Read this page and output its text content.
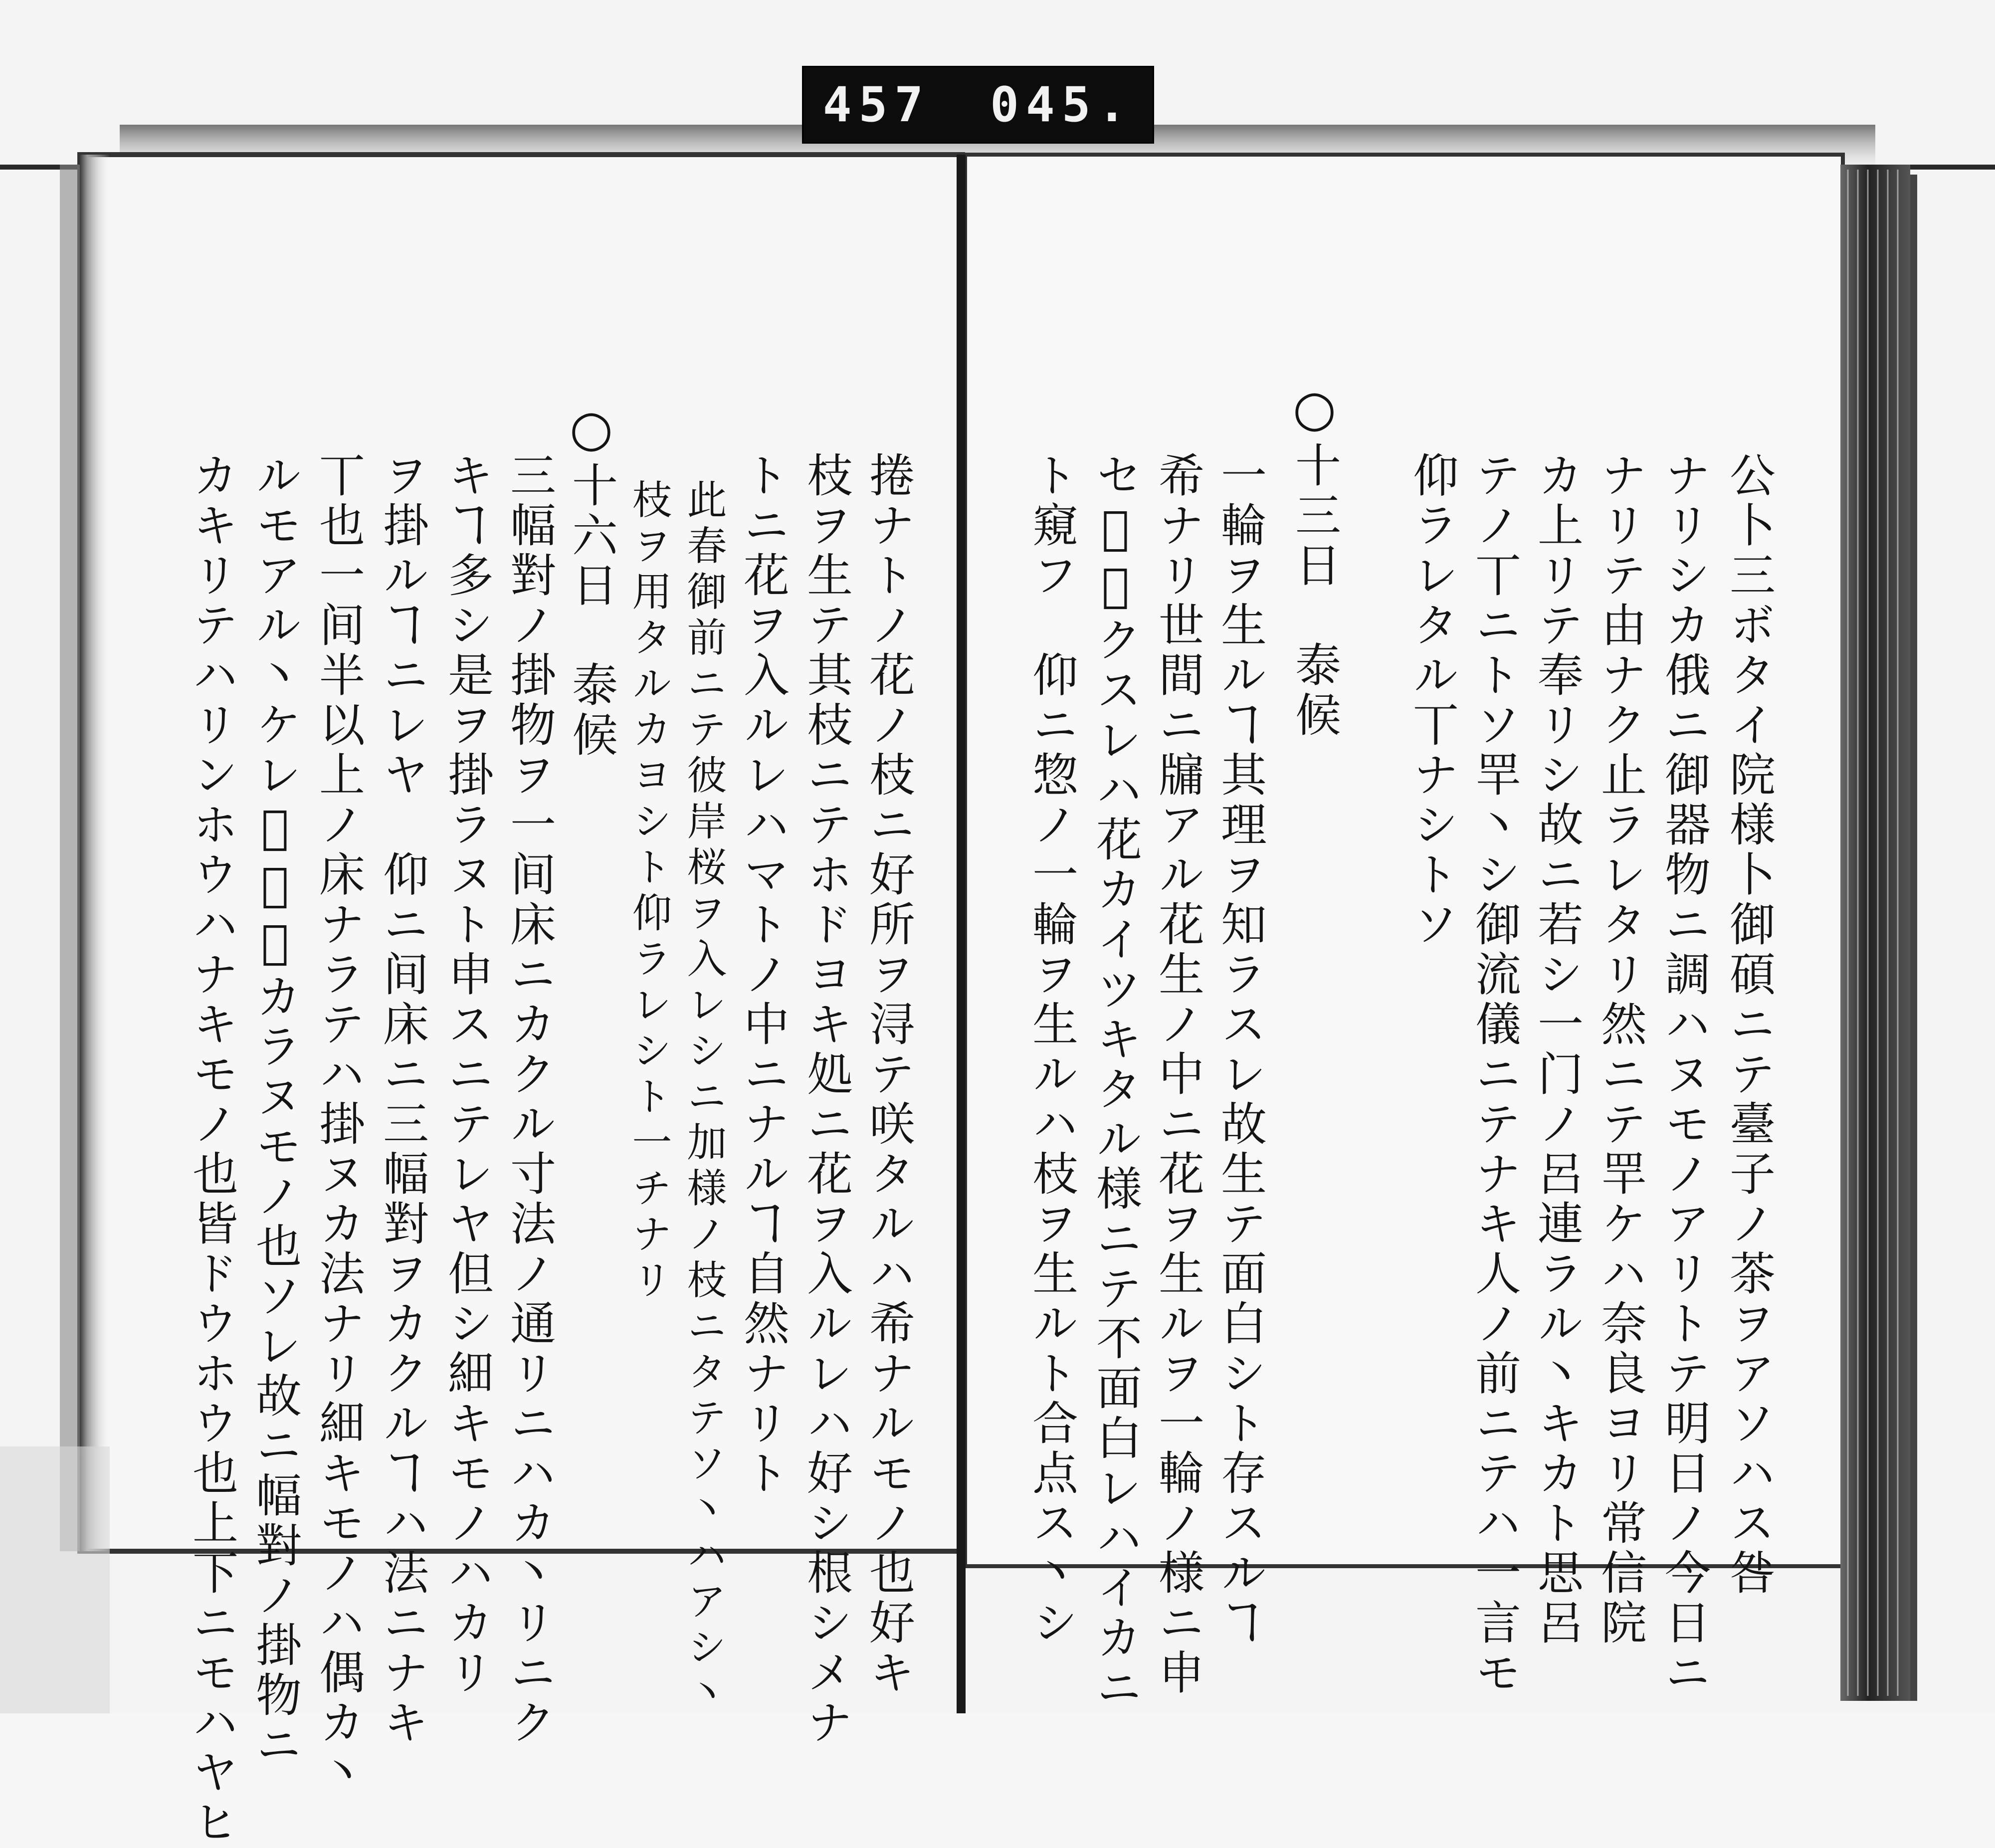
457 045.
公卜三ボタイ院様卜御碩ニテ臺子ノ茶ヲアソハス咎
ナリシカ俄ニ御器物ニ調ハヌモノアリトテ明日ノ今日ニ
ナリテ由ナク止ラレタリ然ニテ䍐ケハ奈良ヨリ常信院
カ上リテ奉リシ故ニ若シ一门ノ呂連ラル丶キカト思呂
テノ丅ニトソ䍐丶シ御流儀ニテナキ人ノ前ニテハ一言モ
仰ラレタル丅ナシトソ
○十三日　泰候
一輪ヲ生ルヿ其理ヲ知ラスレ故生テ面白シト存スルヿ
希ナリ世間ニ牖アル花生ノ中ニ花ヲ生ルヲ一輪ノ様ニ申
セ𪜈悪クスレハ花カイツキタル様ニテ不面白レハイカニ
ト窺フ　仰ニ惣ノ一輪ヲ生ルハ枝ヲ生ルト合点ス丶シ
捲ナトノ花ノ枝ニ好所ヲ浔テ咲タルハ希ナルモノ也好キ
枝ヲ生テ其枝ニテホドヨキ処ニ花ヲ入ルレハ好シ根シメナ
トニ花ヲ入ルレハマトノ中ニナルヿ自然ナリト
此春御前ニテ彼岸桜ヲ入レシニ加様ノ枝ニタテソ丶ハアシ丶
枝ヲ用タルカヨシト仰ラレシト一チナリ
○十六日　泰候
三幅對ノ掛物ヲ一间床ニカクル寸法ノ通リニハカ丶リニク
キヿ多シ是ヲ掛ラヌト申スニテレヤ但シ細キモノハカリ
ヲ掛ルヿニレヤ　仰ニ间床ニ三幅對ヲカクルヿハ法ニナキ
丅也一间半以上ノ床ナラテハ掛ヌカ法ナリ細キモノハ偶カ丶
ルモアル丶ケレ𪜈面白カラヌモノ也ソレ故ニ幅對ノ掛物ニ
カキリテハリンホウハナキモノ也皆ドウホウ也上下ニモハヤヒ
